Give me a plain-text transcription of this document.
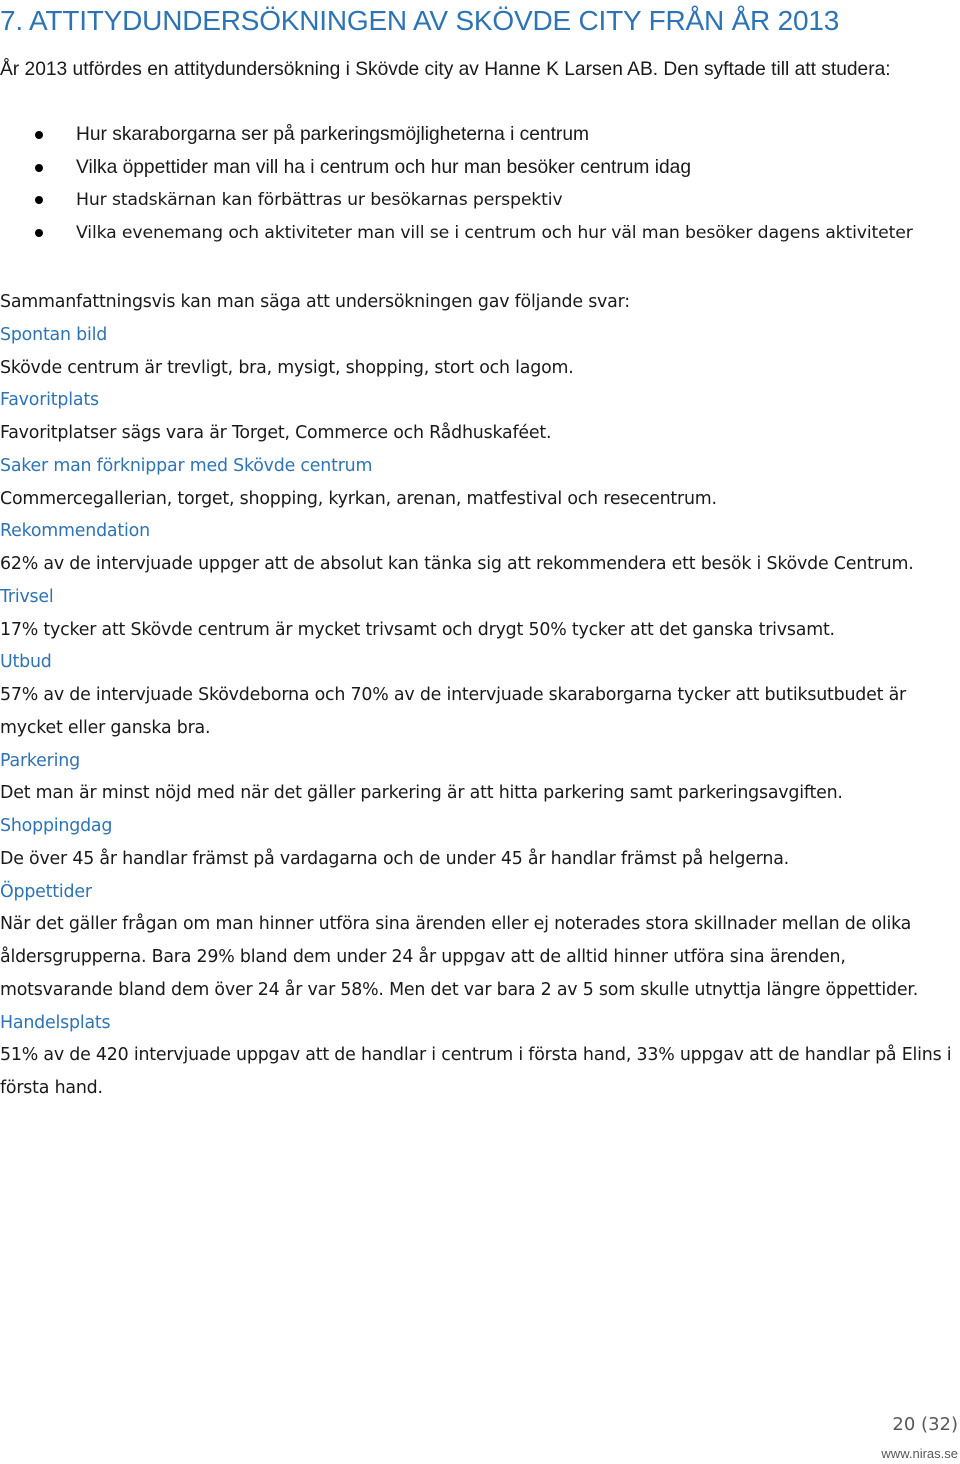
7. ATTITYDUNDERSÖKNINGEN AV SKÖVDE CITY FRÅN ÅR 2013

År 2013 utfördes en attitydundersökning i Skövde city av Hanne K Larsen AB. Den syftade till att studera:

Hur skaraborgarna ser på parkeringsmöjligheterna i centrum
Vilka öppettider man vill ha i centrum och hur man besöker centrum idag
Hur stadskärnan kan förbättras ur besökarnas perspektiv
Vilka evenemang och aktiviteter man vill se i centrum och hur väl man besöker dagens aktiviteter

Sammanfattningsvis kan man säga att undersökningen gav följande svar:

Spontan bild

Skövde centrum är trevligt, bra, mysigt, shopping, stort och lagom.

Favoritplats

Favoritplatser sägs vara är Torget, Commerce och Rådhuskaféet.

Saker man förknippar med Skövde centrum

Commercegallerian, torget, shopping, kyrkan, arenan, matfestival och resecentrum.

Rekommendation

62% av de intervjuade uppger att de absolut kan tänka sig att rekommendera ett besök i Skövde Centrum.

Trivsel

17% tycker att Skövde centrum är mycket trivsamt och drygt 50% tycker att det ganska trivsamt.

Utbud

57% av de intervjuade Skövdeborna och 70% av de intervjuade skaraborgarna tycker att butiksutbudet är mycket eller ganska bra.

Parkering

Det man är minst nöjd med när det gäller parkering är att hitta parkering samt parkeringsavgiften.

Shoppingdag

De över 45 år handlar främst på vardagarna och de under 45 år handlar främst på helgerna.

Öppettider

När det gäller frågan om man hinner utföra sina ärenden eller ej noterades stora skillnader mellan de olika åldersgrupperna. Bara 29% bland dem under 24 år uppgav att de alltid hinner utföra sina ärenden, motsvarande bland dem över 24 år var 58%. Men det var bara 2 av 5 som skulle utnyttja längre öppettider.

Handelsplats

51% av de 420 intervjuade uppgav att de handlar i centrum i första hand, 33% uppgav att de handlar på Elins i första hand.

20 (32)
www.niras.se
